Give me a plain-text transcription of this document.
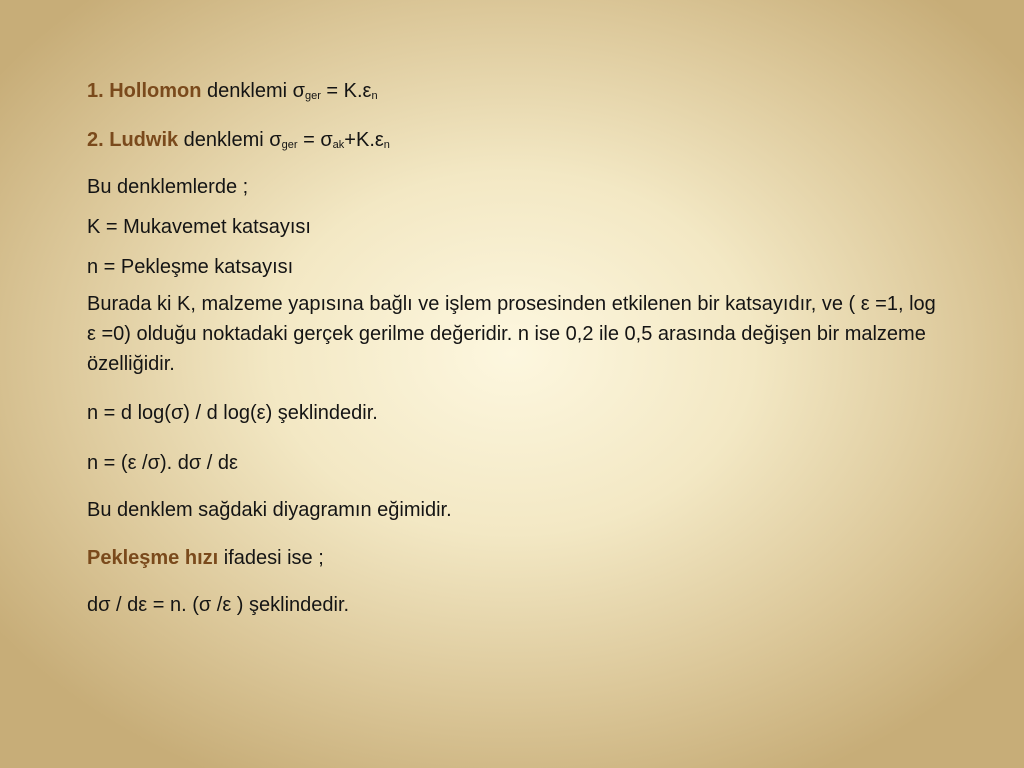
1. Hollomon denklemi $\sigma_{ger} = K.\varepsilon_n$

2. Ludwik denklemi $\sigma_{ger} = \sigma_{ak}+K.\varepsilon_n$

Bu denklemlerde ;

K = Mukavemet katsayısı

n = Pekleşme katsayısı

Burada ki K, malzeme yapısına bağlı ve işlem prosesinden etkilenen bir katsayıdır, ve ( ε =1, log ε =0) olduğu noktadaki gerçek gerilme değeridir. n ise 0,2 ile 0,5 arasında değişen bir malzeme özelliğidir.

n = d log(σ) / d log(ε) şeklindedir.

n = (ε /σ). dσ / dε

Bu denklem sağdaki diyagramın eğimidir.

Pekleşme hızı ifadesi ise ;

dσ / dε = n. (σ /ε ) şeklindedir.
